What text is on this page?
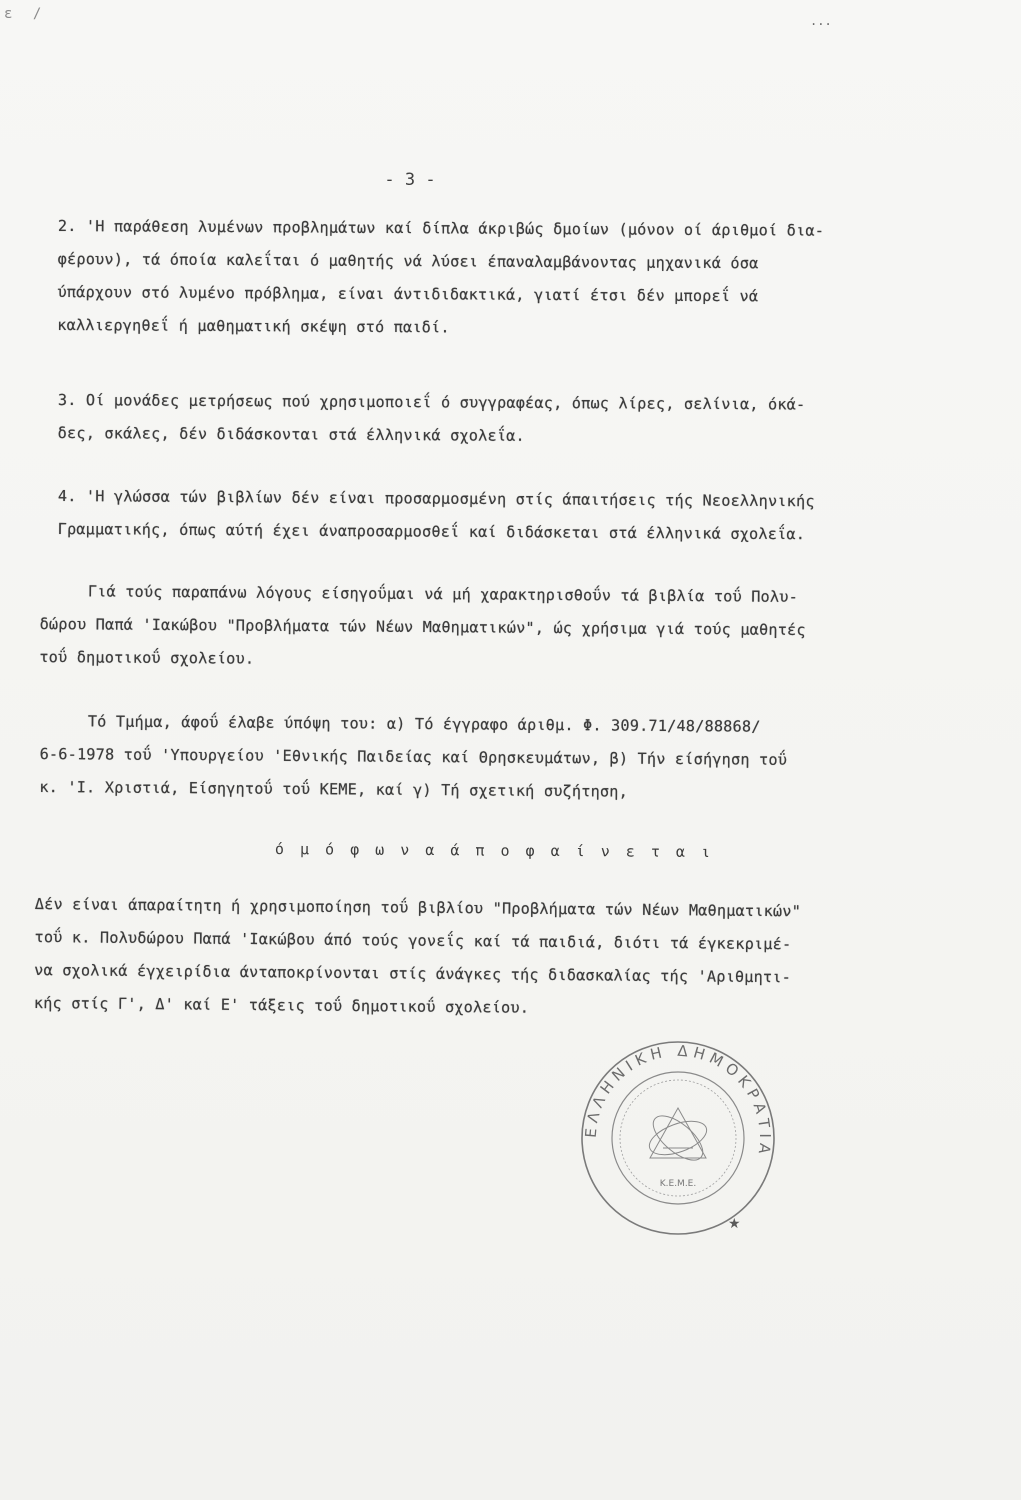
ε /	...
- 3 -
2. 'Η παράθεση λυμένων προβλημάτων καί δίπλα άκριβώς δμοίων (μόνον οί άριθμοί δια-
φέρουν), τά όποία καλεΐται ό μαθητής νά λύσει έπαναλαμβάνοντας μηχανικά όσα
ύπάρχουν στό λυμένο πρόβλημα, είναι άντιδιδακτικά, γιατί έτσι δέν μπορεΐ νά
καλλιεργηθεΐ ή μαθηματική σκέψη στό παιδί.
3. Οί μονάδες μετρήσεως πού χρησιμοποιεΐ ό συγγραφέας, όπως λίρες, σελίνια, όκά-
δες, σκάλες, δέν διδάσκονται στά έλληνικά σχολεΐα.
4. 'Η γλώσσα τών βιβλίων δέν είναι προσαρμοσμένη στίς άπαιτήσεις τής Νεοελληνικής
Γραμματικής, όπως αύτή έχει άναπροσαρμοσθεΐ καί διδάσκεται στά έλληνικά σχολεΐα.
Γιά τούς παραπάνω λόγους είσηγοΰμαι νά μή χαρακτηρισθοΰν τά βιβλία τοΰ Πολυ-
δώρου Παπά 'Ιακώβου "Προβλήματα τών Νέων Μαθηματικών", ώς χρήσιμα γιά τούς μαθητές
τοΰ δημοτικοΰ σχολείου.
Τό Τμήμα, άφοΰ έλαβε ύπόψη του: α) Τό έγγραφο άριθμ. Φ. 309.71/48/88868/
6-6-1978 τοΰ 'Υπουργείου 'Εθνικής Παιδείας καί Θρησκευμάτων, β) Τήν είσήγηση τοΰ
κ. 'Ι. Χριστιά, Είσηγητοΰ τοΰ ΚΕΜΕ, καί γ) Τή σχετική συζήτηση,
ό μ ό φ ω ν α ά π ο φ α ί ν ε τ α ι
Δέν είναι άπαραίτητη ή χρησιμοποίηση τοΰ βιβλίου "Προβλήματα τών Νέων Μαθηματικών"
τοΰ κ. Πολυδώρου Παπά 'Ιακώβου άπό τούς γονεΐς καί τά παιδιά, διότι τά έγκεκριμέ-
να σχολικά έγχειρίδια άνταποκρίνονται στίς άνάγκες τής διδασκαλίας τής 'Αριθμητι-
κής στίς Γ', Δ' καί Ε' τάξεις τοΰ δημοτικοΰ σχολείου.
ΕΛΛΗΝΙΚΗ ΔΗΜΟΚΡΑΤΙΑ
Κ.Ε.Μ.Ε.
★
